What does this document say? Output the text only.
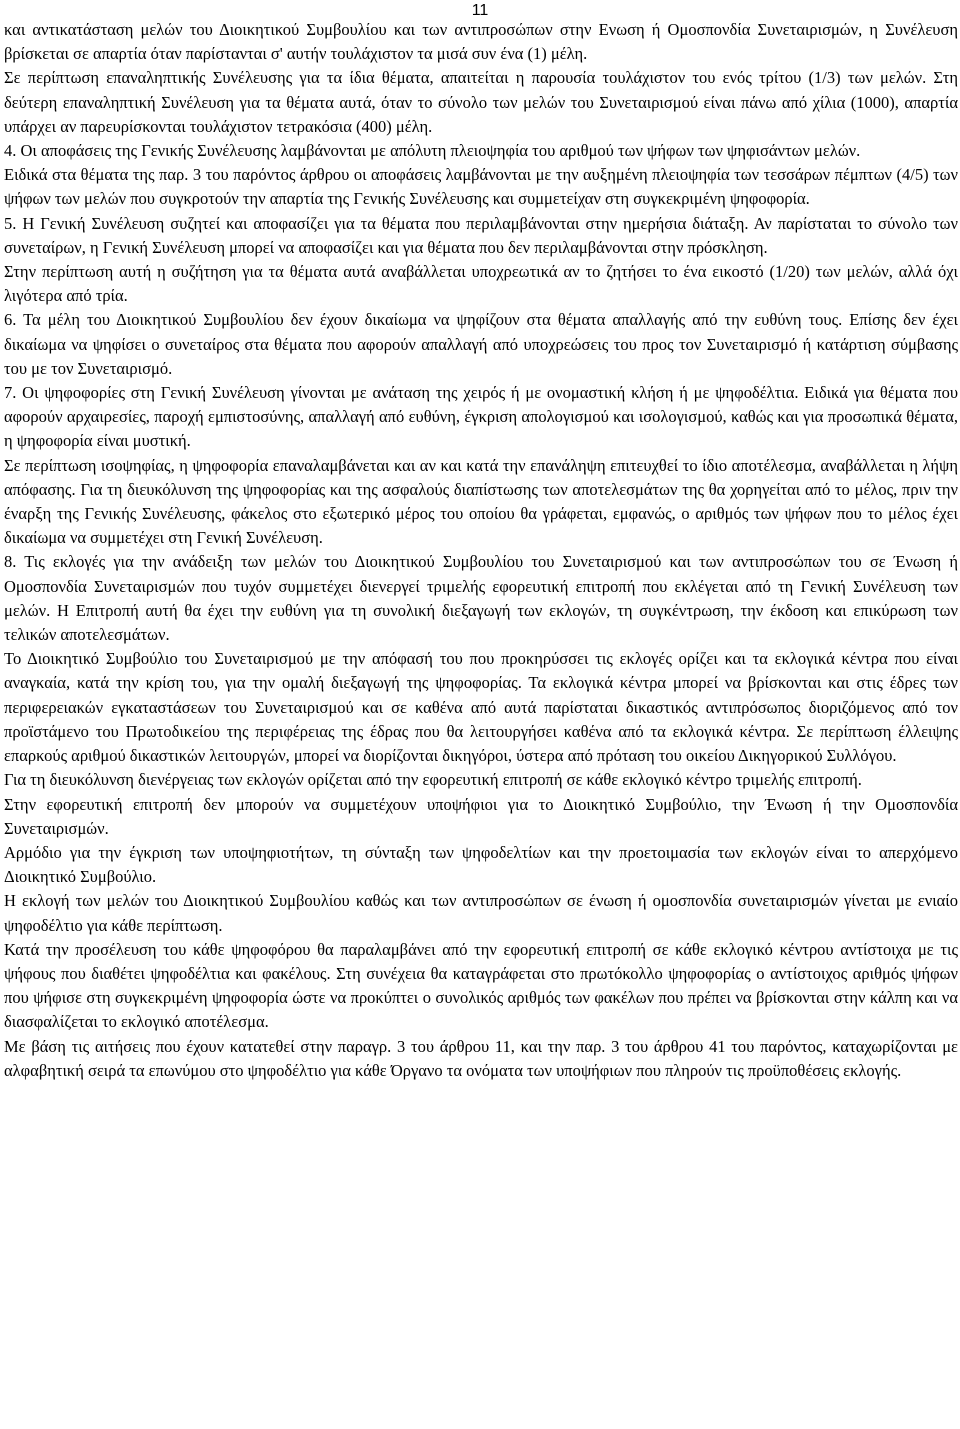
11

και αντικατάσταση μελών του Διοικητικού Συμβουλίου και των αντιπροσώπων στην Ενωση ή Ομοσπονδία Συνεταιρισμών, η Συνέλευση βρίσκεται σε απαρτία όταν παρίστανται σ' αυτήν τουλάχιστον τα μισά συν ένα (1) μέλη.

Σε περίπτωση επαναληπτικής Συνέλευσης για τα ίδια θέματα, απαιτείται η παρουσία τουλάχιστον του ενός τρίτου (1/3) των μελών. Στη δεύτερη επαναληπτική Συνέλευση για τα θέματα αυτά, όταν το σύνολο των μελών του Συνεταιρισμού είναι πάνω από χίλια (1000), απαρτία υπάρχει αν παρευρίσκονται τουλάχιστον τετρακόσια (400) μέλη.

4. Οι αποφάσεις της Γενικής Συνέλευσης λαμβάνονται με απόλυτη πλειοψηφία του αριθμού των ψήφων των ψηφισάντων μελών.

Ειδικά στα θέματα της παρ. 3 του παρόντος άρθρου οι αποφάσεις λαμβάνονται με την αυξημένη πλειοψηφία των τεσσάρων πέμπτων (4/5) των ψήφων των μελών που συγκροτούν την απαρτία της Γενικής Συνέλευσης και συμμετείχαν στη συγκεκριμένη ψηφοφορία.

5. Η Γενική Συνέλευση συζητεί και αποφασίζει για τα θέματα που περιλαμβάνονται στην ημερήσια διάταξη. Αν παρίσταται το σύνολο των συνεταίρων, η Γενική Συνέλευση μπορεί να αποφασίζει και για θέματα που δεν περιλαμβάνονται στην πρόσκληση.

Στην περίπτωση αυτή η συζήτηση για τα θέματα αυτά αναβάλλεται υποχρεωτικά αν το ζητήσει το ένα εικοστό (1/20) των μελών, αλλά όχι λιγότερα από τρία.

6. Τα μέλη του Διοικητικού Συμβουλίου δεν έχουν δικαίωμα να ψηφίζουν στα θέματα απαλλαγής από την ευθύνη τους. Επίσης δεν έχει δικαίωμα να ψηφίσει ο συνεταίρος στα θέματα που αφορούν απαλλαγή από υποχρεώσεις του προς τον Συνεταιρισμό ή κατάρτιση σύμβασης του με τον Συνεταιρισμό.

7. Οι ψηφοφορίες στη Γενική Συνέλευση γίνονται με ανάταση της χειρός ή με ονομαστική κλήση ή με ψηφοδέλτια. Ειδικά για θέματα που αφορούν αρχαιρεσίες, παροχή εμπιστοσύνης, απαλλαγή από ευθύνη, έγκριση απολογισμού και ισολογισμού, καθώς και για προσωπικά θέματα, η ψηφοφορία είναι μυστική.

Σε περίπτωση ισοψηφίας, η ψηφοφορία επαναλαμβάνεται και αν και κατά την επανάληψη επιτευχθεί το ίδιο αποτέλεσμα, αναβάλλεται η λήψη απόφασης. Για τη διευκόλυνση της ψηφοφορίας και της ασφαλούς διαπίστωσης των αποτελεσμάτων της θα χορηγείται από το μέλος, πριν την έναρξη της Γενικής Συνέλευσης, φάκελος στο εξωτερικό μέρος του οποίου θα γράφεται, εμφανώς, ο αριθμός των ψήφων που το μέλος έχει δικαίωμα να συμμετέχει στη Γενική Συνέλευση.

8. Τις εκλογές για την ανάδειξη των μελών του Διοικητικού Συμβουλίου του Συνεταιρισμού και των αντιπροσώπων του σε Ένωση ή Ομοσπονδία Συνεταιρισμών που τυχόν συμμετέχει διενεργεί τριμελής εφορευτική επιτροπή που εκλέγεται από τη Γενική Συνέλευση των μελών. Η Επιτροπή αυτή θα έχει την ευθύνη για τη συνολική διεξαγωγή των εκλογών, τη συγκέντρωση, την έκδοση και επικύρωση των τελικών αποτελεσμάτων.

Το Διοικητικό Συμβούλιο του Συνεταιρισμού με την απόφασή του που προκηρύσσει τις εκλογές ορίζει και τα εκλογικά κέντρα που είναι αναγκαία, κατά την κρίση του, για την ομαλή διεξαγωγή της ψηφοφορίας. Τα εκλογικά κέντρα μπορεί να βρίσκονται και στις έδρες των περιφερειακών εγκαταστάσεων του Συνεταιρισμού και σε καθένα από αυτά παρίσταται δικαστικός αντιπρόσωπος διοριζόμενος από τον προϊστάμενο του Πρωτοδικείου της περιφέρειας της έδρας που θα λειτουργήσει καθένα από τα εκλογικά κέντρα. Σε περίπτωση έλλειψης επαρκούς αριθμού δικαστικών λειτουργών, μπορεί να διορίζονται δικηγόροι, ύστερα από πρόταση του οικείου Δικηγορικού Συλλόγου.

Για τη διευκόλυνση διενέργειας των εκλογών ορίζεται από την εφορευτική επιτροπή σε κάθε εκλογικό κέντρο τριμελής επιτροπή.

Στην εφορευτική επιτροπή δεν μπορούν να συμμετέχουν υποψήφιοι για το Διοικητικό Συμβούλιο, την Ένωση ή την Ομοσπονδία Συνεταιρισμών.

Αρμόδιο για την έγκριση των υποψηφιοτήτων, τη σύνταξη των ψηφοδελτίων και την προετοιμασία των εκλογών είναι το απερχόμενο Διοικητικό Συμβούλιο.

Η εκλογή των μελών του Διοικητικού Συμβουλίου καθώς και των αντιπροσώπων σε ένωση ή ομοσπονδία συνεταιρισμών γίνεται με ενιαίο ψηφοδέλτιο για κάθε περίπτωση.

Κατά την προσέλευση του κάθε ψηφοφόρου θα παραλαμβάνει από την εφορευτική επιτροπή σε κάθε εκλογικό κέντρου αντίστοιχα με τις ψήφους που διαθέτει ψηφοδέλτια και φακέλους. Στη συνέχεια θα καταγράφεται στο πρωτόκολλο ψηφοφορίας ο αντίστοιχος αριθμός ψήφων που ψήφισε στη συγκεκριμένη ψηφοφορία ώστε να προκύπτει ο συνολικός αριθμός των φακέλων που πρέπει να βρίσκονται στην κάλπη και να διασφαλίζεται το εκλογικό αποτέλεσμα.

Με βάση τις αιτήσεις που έχουν κατατεθεί στην παραγρ. 3 του άρθρου 11, και την παρ. 3 του άρθρου 41 του παρόντος, καταχωρίζονται με αλφαβητική σειρά τα επωνύμου στο ψηφοδέλτιο για κάθε Όργανο τα ονόματα των υποψήφιων που πληρούν τις προϋποθέσεις εκλογής.
